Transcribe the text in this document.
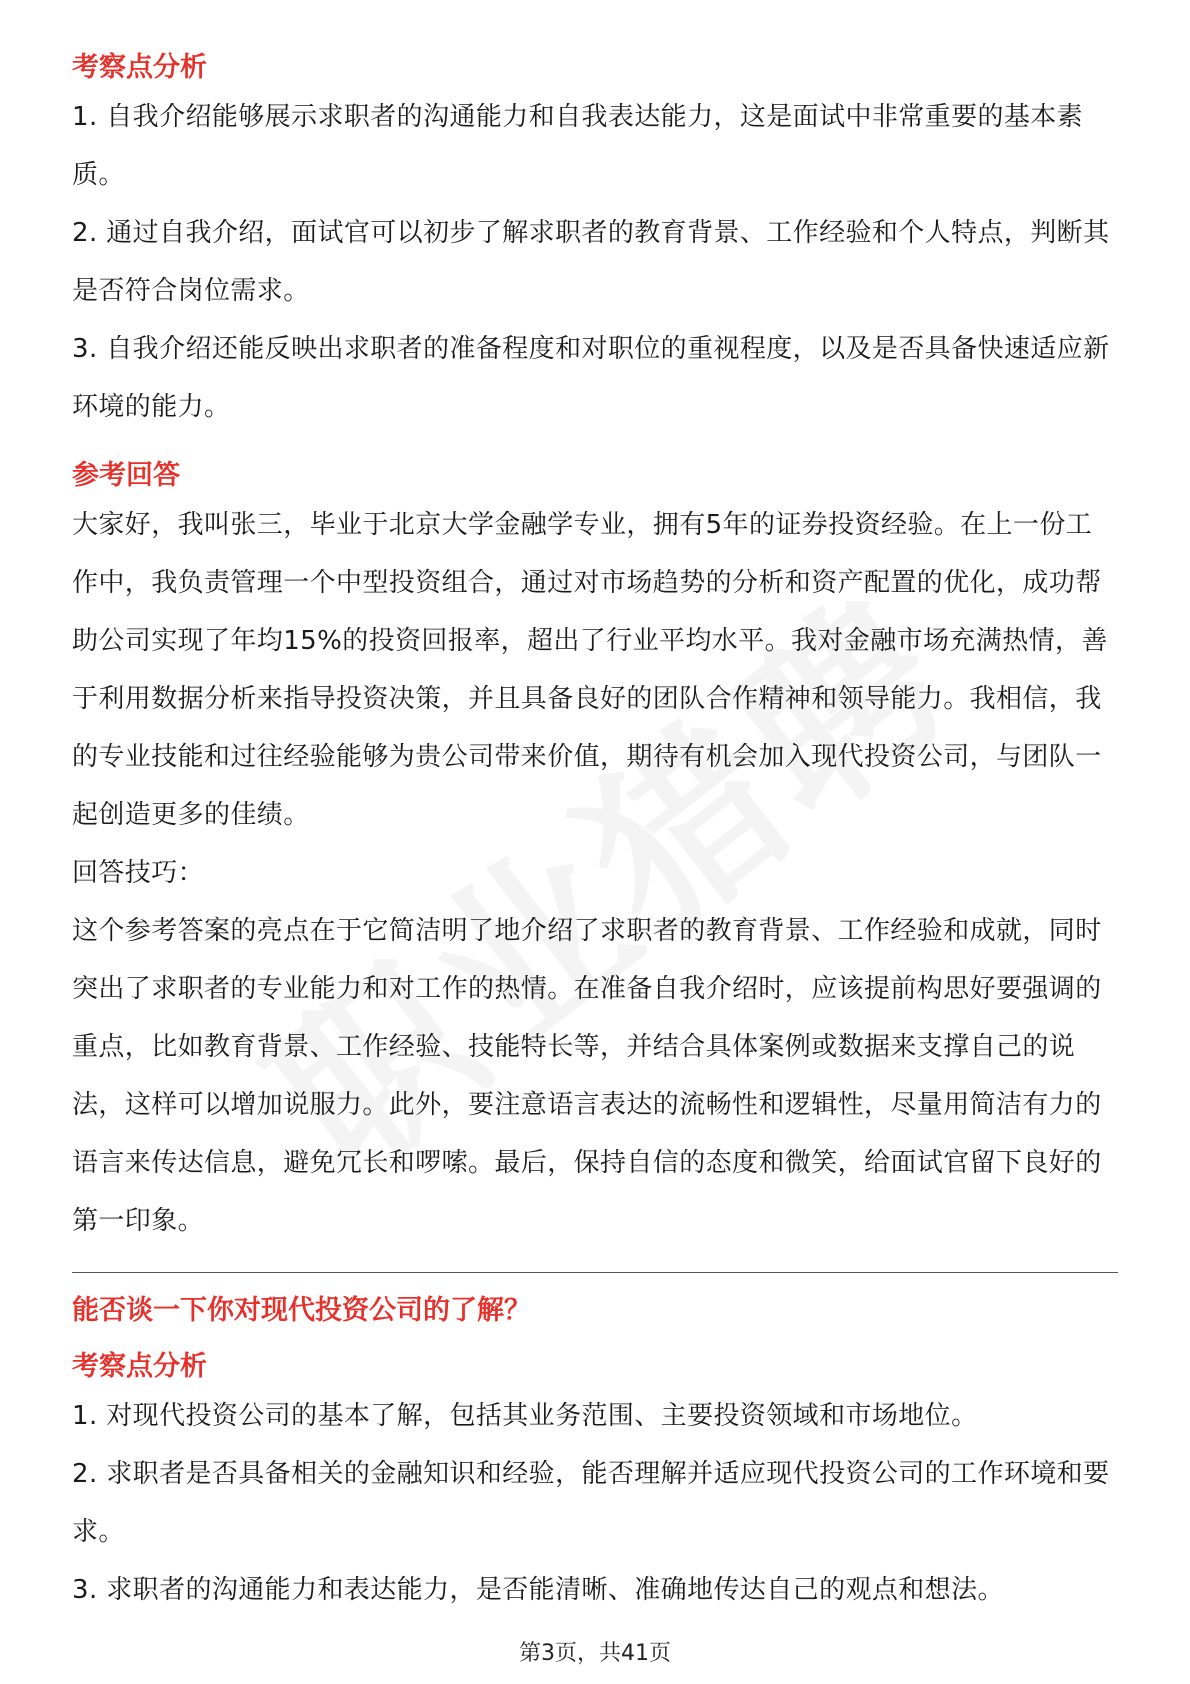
考察点分析

1. 自我介绍能够展示求职者的沟通能力和自我表达能力，这是面试中非常重要的基本素质。

2. 通过自我介绍，面试官可以初步了解求职者的教育背景、工作经验和个人特点，判断其是否符合岗位需求。

3. 自我介绍还能反映出求职者的准备程度和对职位的重视程度，以及是否具备快速适应新环境的能力。

参考回答

大家好，我叫张三，毕业于北京大学金融学专业，拥有5年的证券投资经验。在上一份工作中，我负责管理一个中型投资组合，通过对市场趋势的分析和资产配置的优化，成功帮助公司实现了年均15%的投资回报率，超出了行业平均水平。我对金融市场充满热情，善于利用数据分析来指导投资决策，并且具备良好的团队合作精神和领导能力。我相信，我的专业技能和过往经验能够为贵公司带来价值，期待有机会加入现代投资公司，与团队一起创造更多的佳绩。

回答技巧：

这个参考答案的亮点在于它简洁明了地介绍了求职者的教育背景、工作经验和成就，同时突出了求职者的专业能力和对工作的热情。在准备自我介绍时，应该提前构思好要强调的重点，比如教育背景、工作经验、技能特长等，并结合具体案例或数据来支撑自己的说法，这样可以增加说服力。此外，要注意语言表达的流畅性和逻辑性，尽量用简洁有力的语言来传达信息，避免冗长和啰嗦。最后，保持自信的态度和微笑，给面试官留下良好的第一印象。

能否谈一下你对现代投资公司的了解？
考察点分析

1. 对现代投资公司的基本了解，包括其业务范围、主要投资领域和市场地位。

2. 求职者是否具备相关的金融知识和经验，能否理解并适应现代投资公司的工作环境和要求。

3. 求职者的沟通能力和表达能力，是否能清晰、准确地传达自己的观点和想法。

第3页，共41页
